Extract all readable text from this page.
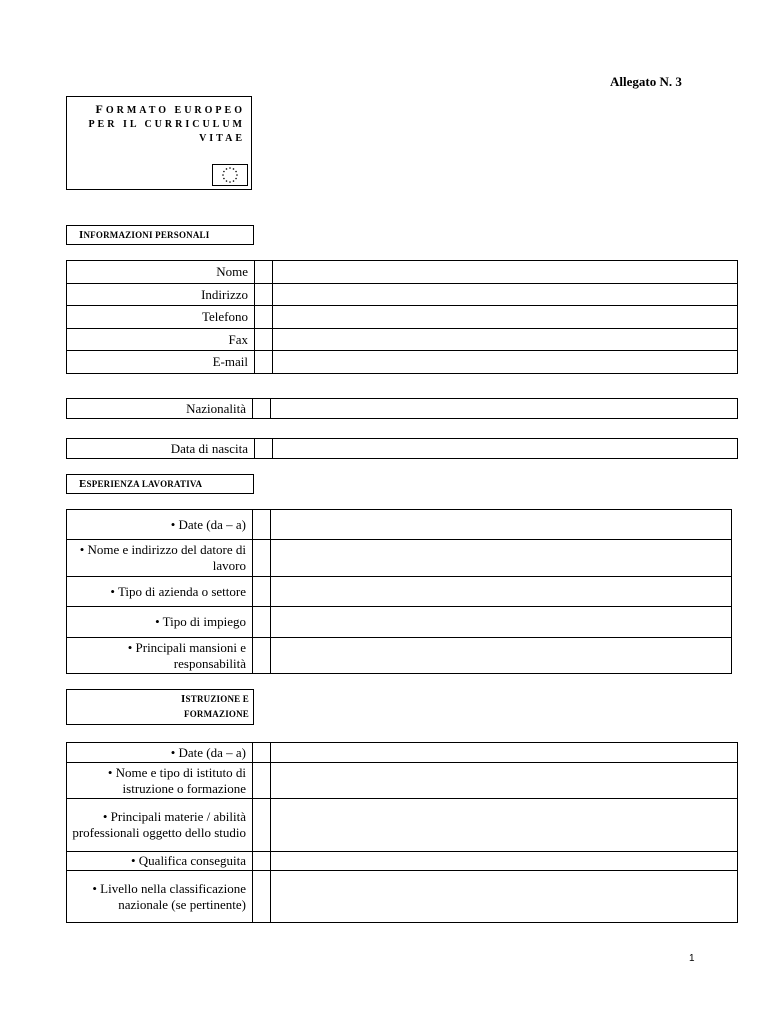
Allegato N. 3
FORMATO EUROPEO
PER IL CURRICULUM
VITAE
I NFORMAZIONI PERSONALI
Nome		
Indirizzo		
Telefono		
Fax		
E-mail		
Nazionalità		
Data di nascita		
E SPERIENZA LAVORATIVA
• Date (da – a)		
• Nome e indirizzo del datore di lavoro		
• Tipo di azienda o settore		
• Tipo di impiego		
• Principali mansioni e responsabilità		
ISTRUZIONE E
FORMAZIONE
• Date (da – a)		
• Nome e tipo di istituto di istruzione o formazione		
• Principali materie / abilità professionali oggetto dello studio		
• Qualifica conseguita		
• Livello nella classificazione nazionale (se pertinente)		
1
